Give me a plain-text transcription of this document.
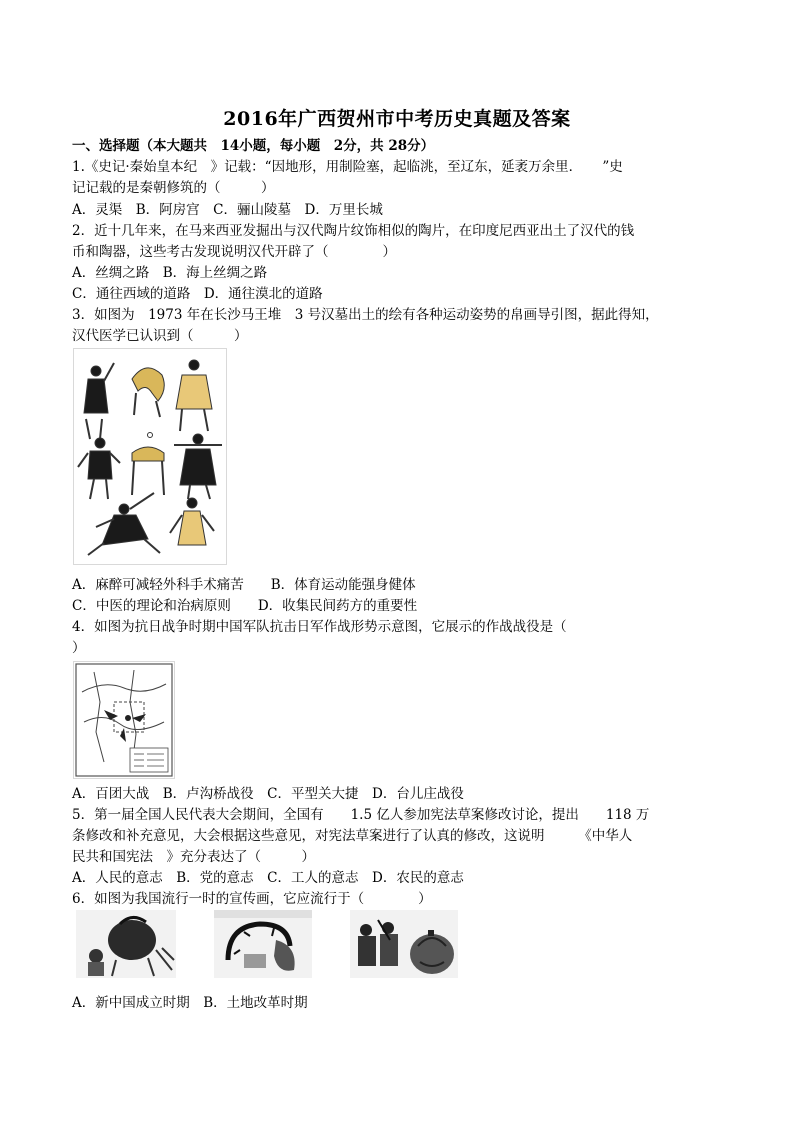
2016年广西贺州市中考历史真题及答案
一、选择题（本大题共　14小题，每小题　2分，共 28分）
1.《史记·秦始皇本纪　》记载：“因地形，用制险塞，起临洮，至辽东，延袤万余里．　　”史
记记载的是秦朝修筑的（　　　）
A．灵渠　B．阿房宫　C．骊山陵墓　D．万里长城
2．近十几年来，在马来西亚发掘出与汉代陶片纹饰相似的陶片，在印度尼西亚出土了汉代的钱
币和陶器，这些考古发现说明汉代开辟了（　　　　）
A．丝绸之路　B．海上丝绸之路
C．通往西域的道路　D．通往漠北的道路
3．如图为　1973 年在长沙马王堆　3 号汉墓出土的绘有各种运动姿势的帛画导引图，据此得知，
汉代医学已认识到（　　　）
A．麻醉可减轻外科手术痛苦　　B．体育运动能强身健体
C．中医的理论和治病原则　　D．收集民间药方的重要性
4．如图为抗日战争时期中国军队抗击日军作战形势示意图，它展示的作战战役是（
）
A．百团大战　B．卢沟桥战役　C．平型关大捷　D．台儿庄战役
5．第一届全国人民代表大会期间，全国有　　1.5 亿人参加宪法草案修改讨论，提出　　118 万
条修改和补充意见，大会根据这些意见，对宪法草案进行了认真的修改，这说明　　　《中华人
民共和国宪法　》充分表达了（　　　）
A．人民的意志　B．党的意志　C．工人的意志　D．农民的意志
6．如图为我国流行一时的宣传画，它应流行于（　　　　）
A．新中国成立时期　B．土地改革时期
